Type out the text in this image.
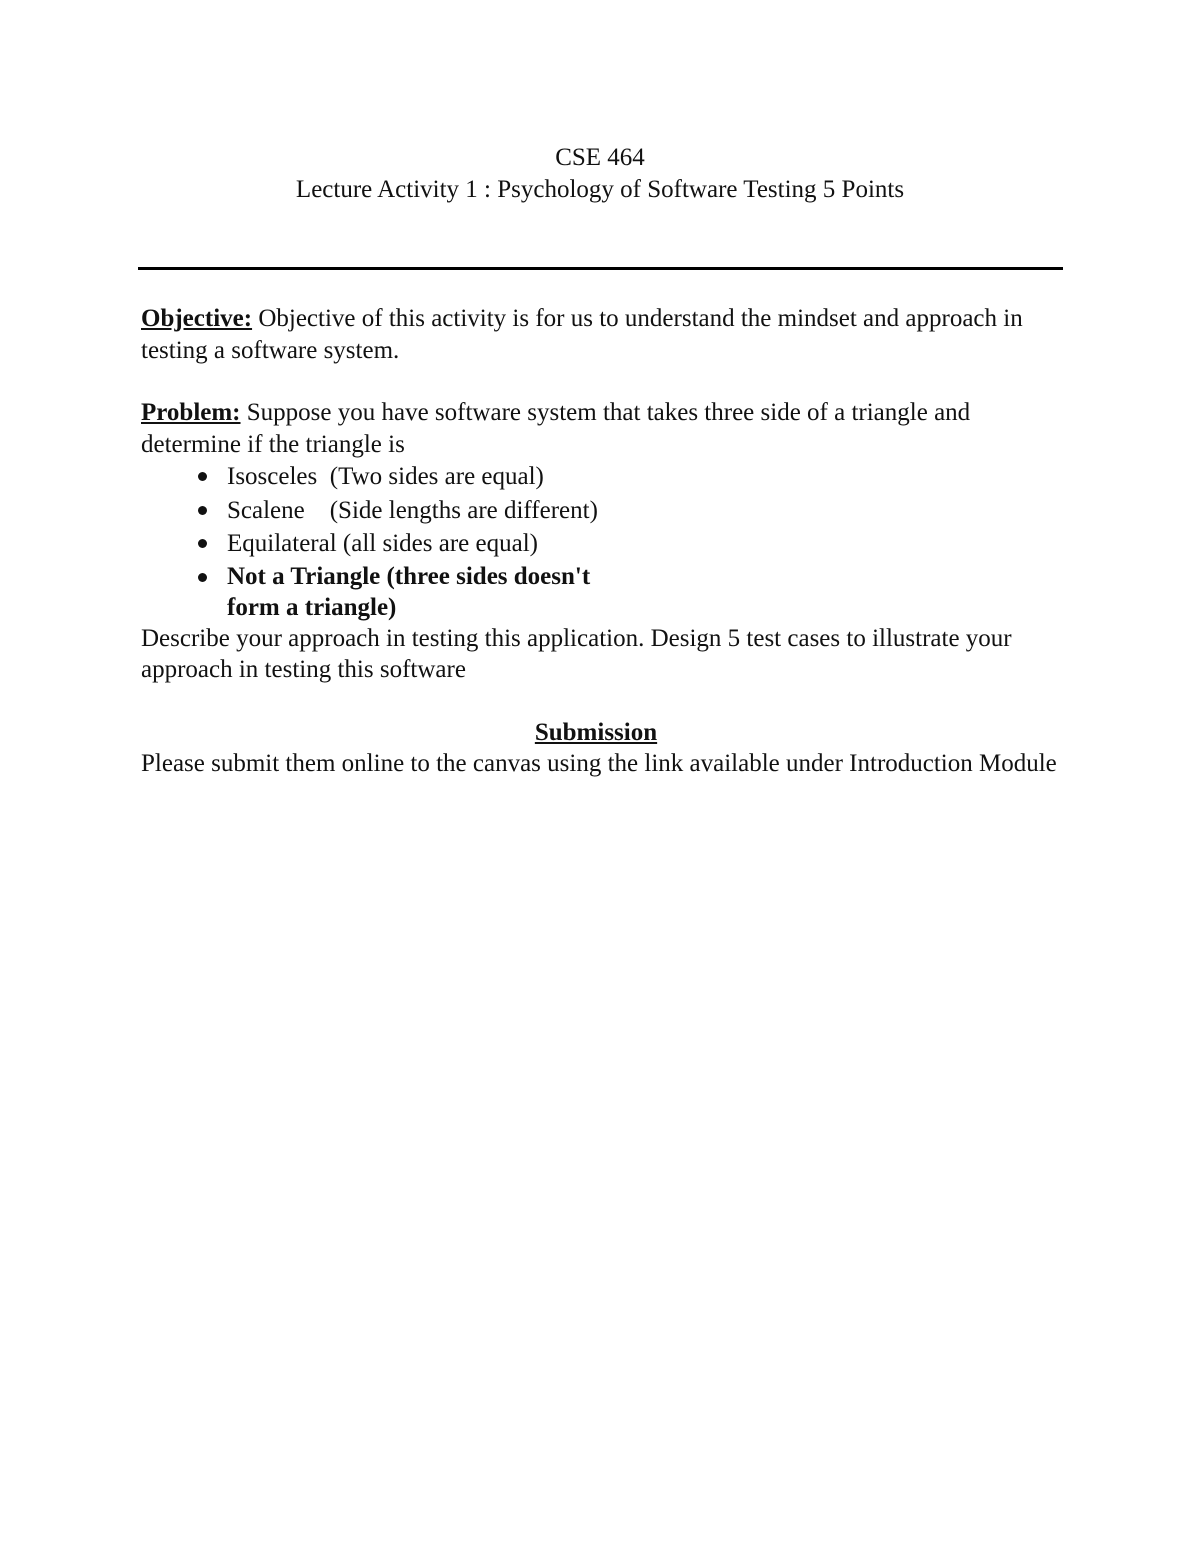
CSE 464
Lecture Activity 1 : Psychology of Software Testing 5 Points

Objective: Objective of this activity is for us to understand the mindset and approach in testing a software system.

Problem: Suppose you have software system that takes three side of a triangle and determine if the triangle is

Isosceles  (Two sides are equal)
Scalene    (Side lengths are different)
Equilateral (all sides are equal)
Not a Triangle (three sides doesn't form a triangle)

Describe your approach in testing this application. Design 5 test cases to illustrate your approach in testing this software

Submission

Please submit them online to the canvas using the link available under Introduction Module
